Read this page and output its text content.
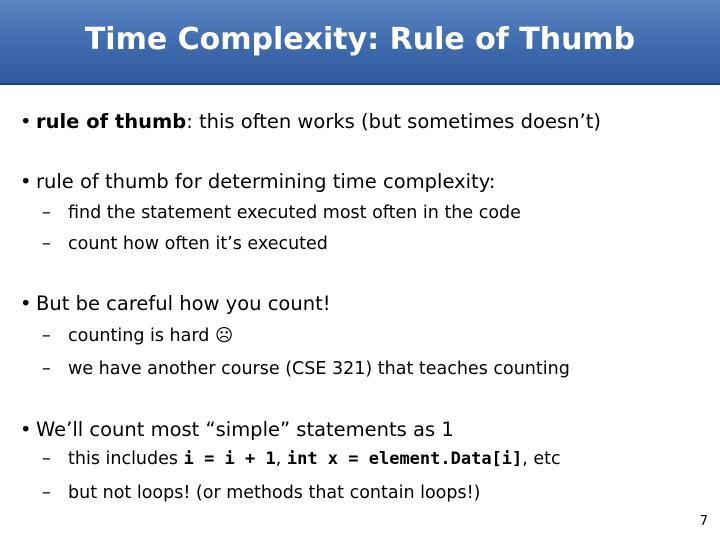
Time Complexity: Rule of Thumb
• rule of thumb: this often works (but sometimes doesn’t)
• rule of thumb for determining time complexity:
– find the statement executed most often in the code
– count how often it’s executed
• But be careful how you count!
– counting is hard ☹
– we have another course (CSE 321) that teaches counting
• We’ll count most “simple” statements as 1
– this includes i = i + 1, int x = element.Data[i], etc
– but not loops! (or methods that contain loops!)
7
